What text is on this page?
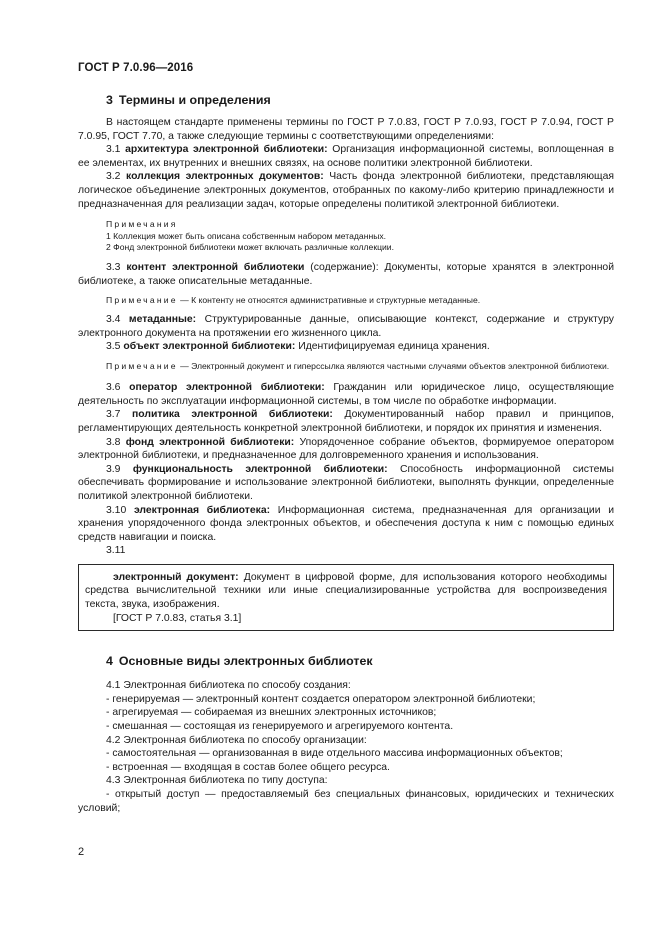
ГОСТ Р 7.0.96—2016
3 Термины и определения
В настоящем стандарте применены термины по ГОСТ Р 7.0.83, ГОСТ Р 7.0.93, ГОСТ Р 7.0.94, ГОСТ Р 7.0.95, ГОСТ 7.70, а также следующие термины с соответствующими определениями:
3.1 архитектура электронной библиотеки: Организация информационной системы, воплощенная в ее элементах, их внутренних и внешних связях, на основе политики электронной библиотеки.
3.2 коллекция электронных документов: Часть фонда электронной библиотеки, представляющая логическое объединение электронных документов, отобранных по какому-либо критерию принадлежности и предназначенная для реализации задач, которые определены политикой электронной библиотеки.
Примечания
1 Коллекция может быть описана собственным набором метаданных.
2 Фонд электронной библиотеки может включать различные коллекции.
3.3 контент электронной библиотеки (содержание): Документы, которые хранятся в электронной библиотеке, а также описательные метаданные.
Примечание — К контенту не относятся административные и структурные метаданные.
3.4 метаданные: Структурированные данные, описывающие контекст, содержание и структуру электронного документа на протяжении его жизненного цикла.
3.5 объект электронной библиотеки: Идентифицируемая единица хранения.
Примечание — Электронный документ и гиперссылка являются частными случаями объектов электронной библиотеки.
3.6 оператор электронной библиотеки: Гражданин или юридическое лицо, осуществляющие деятельность по эксплуатации информационной системы, в том числе по обработке информации.
3.7 политика электронной библиотеки: Документированный набор правил и принципов, регламентирующих деятельность конкретной электронной библиотеки, и порядок их принятия и изменения.
3.8 фонд электронной библиотеки: Упорядоченное собрание объектов, формируемое оператором электронной библиотеки, и предназначенное для долговременного хранения и использования.
3.9 функциональность электронной библиотеки: Способность информационной системы обеспечивать формирование и использование электронной библиотеки, выполнять функции, определенные политикой электронной библиотеки.
3.10 электронная библиотека: Информационная система, предназначенная для организации и хранения упорядоченного фонда электронных объектов, и обеспечения доступа к ним с помощью единых средств навигации и поиска.
3.11
электронный документ: Документ в цифровой форме, для использования которого необходимы средства вычислительной техники или иные специализированные устройства для воспроизведения текста, звука, изображения.
[ГОСТ Р 7.0.83, статья 3.1]
4 Основные виды электронных библиотек
4.1 Электронная библиотека по способу создания:
- генерируемая — электронный контент создается оператором электронной библиотеки;
- агрегируемая — собираемая из внешних электронных источников;
- смешанная — состоящая из генерируемого и агрегируемого контента.
4.2 Электронная библиотека по способу организации:
- самостоятельная — организованная в виде отдельного массива информационных объектов;
- встроенная — входящая в состав более общего ресурса.
4.3 Электронная библиотека по типу доступа:
- открытый доступ — предоставляемый без специальных финансовых, юридических и технических условий;
2
